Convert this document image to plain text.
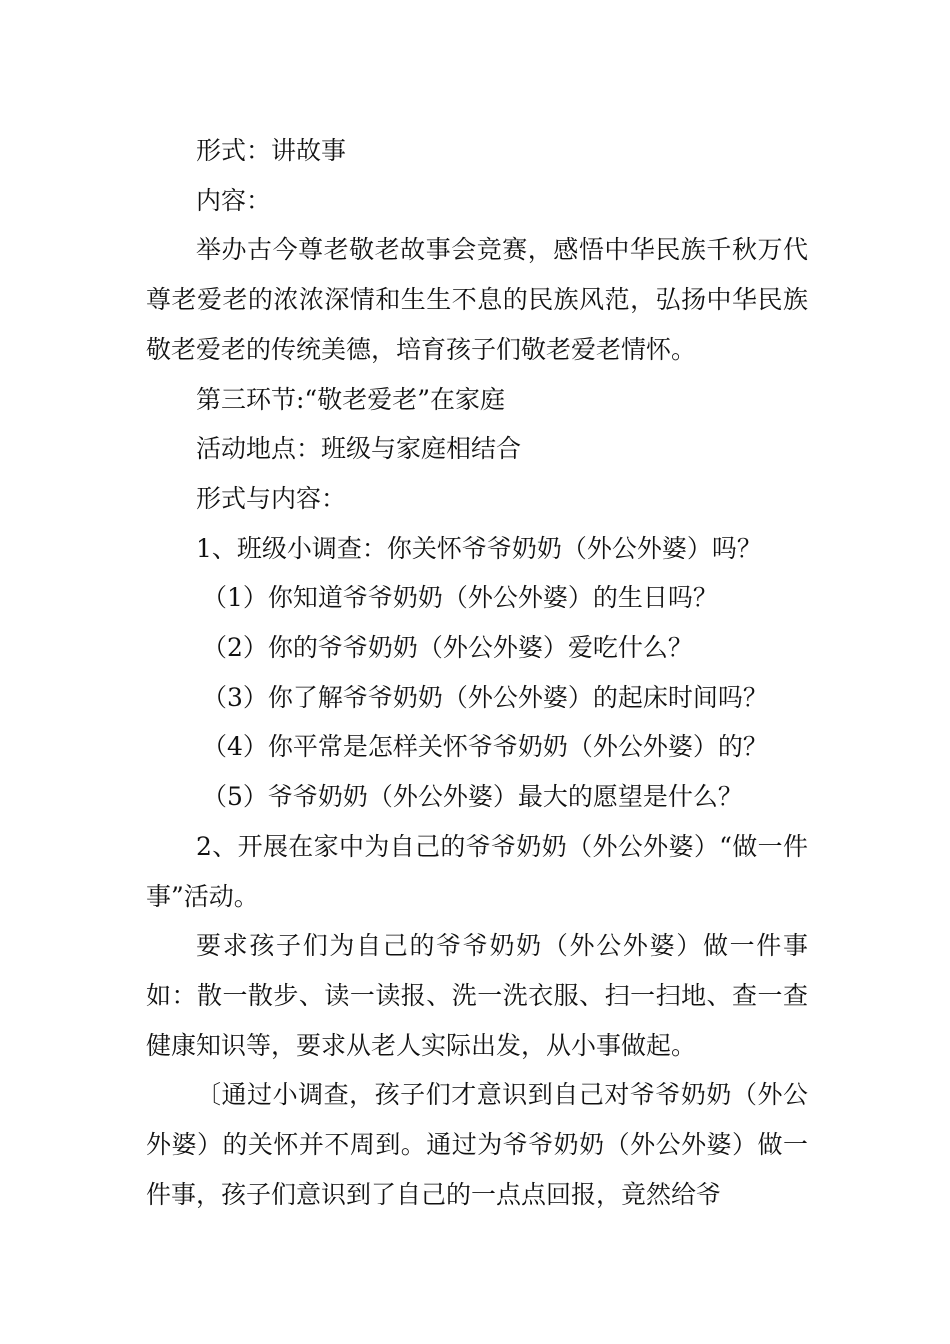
形式：讲故事

内容：

举办古今尊老敬老故事会竞赛，感悟中华民族千秋万代尊老爱老的浓浓深情和生生不息的民族风范，弘扬中华民族敬老爱老的传统美德，培育孩子们敬老爱老情怀。

第三环节:“敬老爱老”在家庭

活动地点：班级与家庭相结合

形式与内容：

1、班级小调查：你关怀爷爷奶奶（外公外婆）吗？

（1）你知道爷爷奶奶（外公外婆）的生日吗？

（2）你的爷爷奶奶（外公外婆）爱吃什么？

（3）你了解爷爷奶奶（外公外婆）的起床时间吗？

（4）你平常是怎样关怀爷爷奶奶（外公外婆）的？

（5）爷爷奶奶（外公外婆）最大的愿望是什么？

2、开展在家中为自己的爷爷奶奶（外公外婆）“做一件事”活动。

要求孩子们为自己的爷爷奶奶（外公外婆）做一件事如：散一散步、读一读报、洗一洗衣服、扫一扫地、查一查健康知识等，要求从老人实际出发，从小事做起。

〔通过小调查，孩子们才意识到自己对爷爷奶奶（外公外婆）的关怀并不周到。通过为爷爷奶奶（外公外婆）做一件事，孩子们意识到了自己的一点点回报，竟然给爷
